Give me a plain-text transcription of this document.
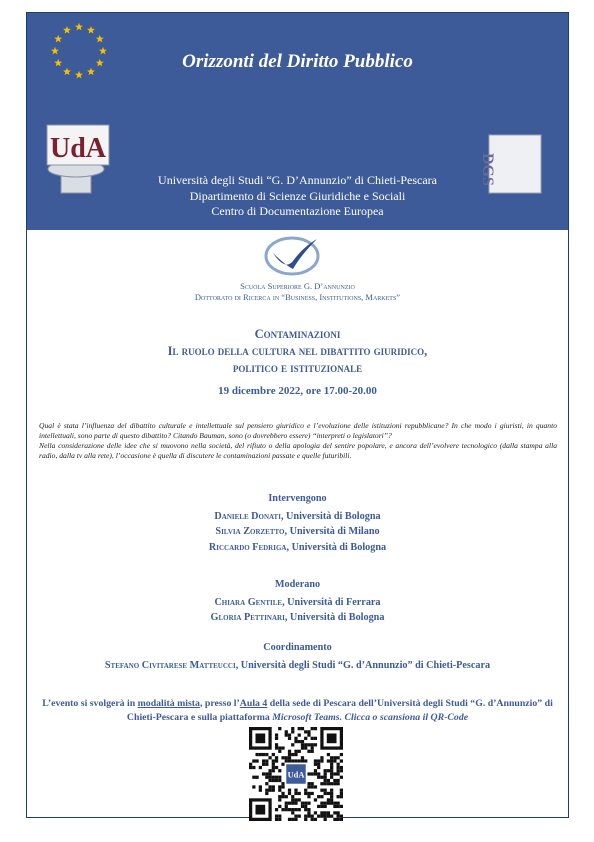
Orizzonti del Diritto Pubblico
UdA
DGS
Università degli Studi “G. D’Annunzio” di Chieti-Pescara
Dipartimento di Scienze Giuridiche e Sociali
Centro di Documentazione Europea
Scuola Superiore G. D’annunzio
Dottorato di Ricerca in “Business, Institutions, Markets”
Contaminazioni
Il ruolo della cultura nel dibattito giuridico,
politico e istituzionale
19 dicembre 2022, ore 17.00-20.00
Qual è stata l’influenza del dibattito culturale e intellettuale sul pensiero giuridico e l’evoluzione delle istituzioni repubblicane? In che modo i giuristi, in quanto intellettuali, sono parte di questo dibattito? Citando Bauman, sono (o dovrebbero essere) “interpreti o legislatori”?
Nella considerazione delle idee che si muovono nella società, del rifiuto o della apologia del sentire popolare, e ancora dell’evolvere tecnologico (dalla stampa alla radio, dalla tv alla rete), l’occasione è quella di discutere le contaminazioni passate e quelle futuribili.
Intervengono
Daniele Donati, Università di Bologna
Silvia Zorzetto, Università di Milano
Riccardo Fedriga, Università di Bologna
Moderano
Chiara Gentile, Università di Ferrara
Gloria Pettinari, Università di Bologna
Coordinamento
Stefano Civitarese Matteucci, Università degli Studi “G. d’Annunzio” di Chieti-Pescara
L’evento si svolgerà in modalità mista, presso l’Aula 4 della sede di Pescara dell’Università degli Studi “G. d’Annunzio” di Chieti-Pescara e sulla piattaforma Microsoft Teams. Clicca o scansiona il QR-Code
UdA
